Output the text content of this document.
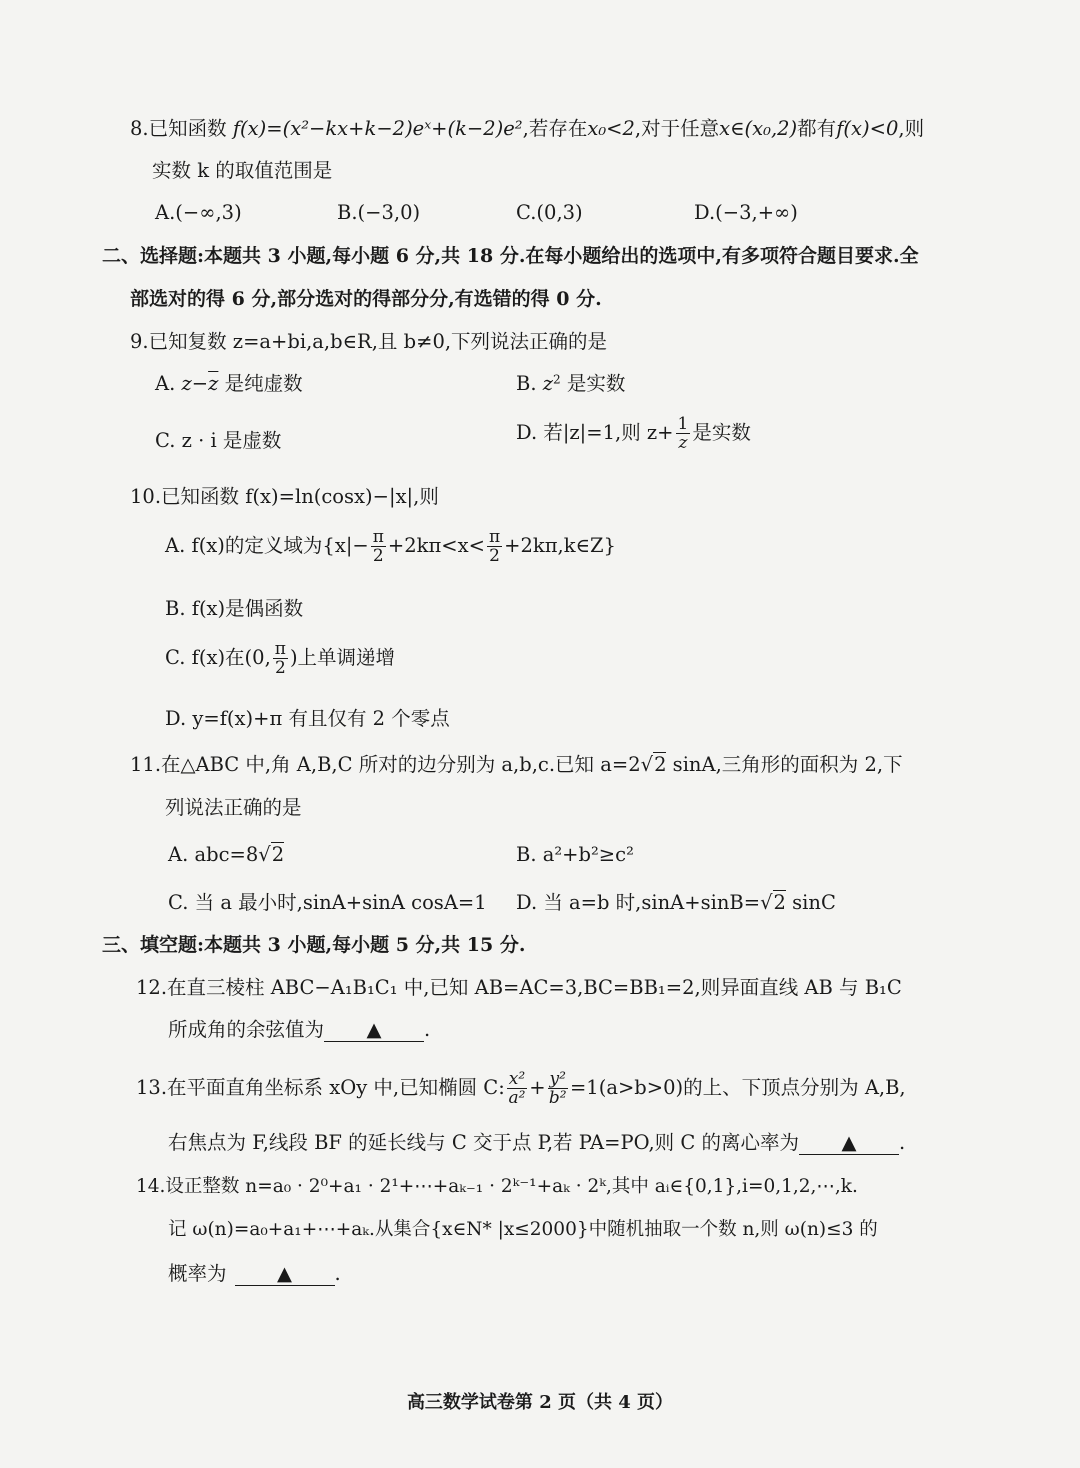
8.已知函数 f(x)=(x²−kx+k−2)eˣ+(k−2)e²,若存在x₀<2,对于任意x∈(x₀,2)都有f(x)<0,则
实数 k 的取值范围是
A.(−∞,3)	B.(−3,0)	C.(0,3)	D.(−3,+∞)
二、选择题:本题共 3 小题,每小题 6 分,共 18 分.在每小题给出的选项中,有多项符合题目要求.全
部选对的得 6 分,部分选对的得部分分,有选错的得 0 分.
9.已知复数 z=a+bi,a,b∈R,且 b≠0,下列说法正确的是
A. $z-\overline{z}$ 是纯虚数	B. $z^2$ 是实数
C. z · i 是虚数	D. 若|z|=1,则 $z+ \frac{1}{z}$ 是实数
10.已知函数 f(x)=ln(cosx)−|x|,则
A. f(x)的定义域为{$x|- \frac{\pi}{2} +2k\pi<x< \frac{\pi}{2}$ +2kπ,k∈Z}
B. f(x)是偶函数
C. f(x)在(0, $\frac{\pi}{2}$ )上单调递增
D. y=f(x)+π 有且仅有 2 个零点
11.在△ABC 中,角 A,B,C 所对的边分别为 a,b,c.已知 a=2√2 sinA,三角形的面积为 2,下
列说法正确的是
A. abc=8√2	B. a²+b²≥c²
C. 当 a 最小时,sinA+sinA cosA=1 D. 当 a=b 时,sinA+sinB=√2 sinC
三、填空题:本题共 3 小题,每小题 5 分,共 15 分.
12.在直三棱柱 ABC−A₁B₁C₁ 中,已知 AB=AC=3,BC=BB₁=2,则异面直线 AB 与 B₁C
所成角的余弦值为 ▲ .
13.在平面直角坐标系 xOy 中,已知椭圆 C: $\frac{\text{x²}}{\text{a²}} + \frac{\text{y²}}{\text{b²}} =1(a>b>0)$的上、下顶点分别为 A,B,
右焦点为 F,线段 BF 的延长线与 C 交于点 P,若 PA=PO,则 C 的离心率为 ▲ .
14.设正整数 n=a₀ · 2⁰+a₁ · 2¹+⋯+aₖ₋₁ · 2ᵏ⁻¹+aₖ · 2ᵏ,其中 aᵢ∈{0,1},i=0,1,2,⋯,k.
记 ω(n)=a₀+a₁+⋯+aₖ.从集合{x∈N* |x≤2000}中随机抽取一个数 n,则 ω(n)≤3 的
概率为	▲ .
高三数学试卷第 2 页（共 4 页）
